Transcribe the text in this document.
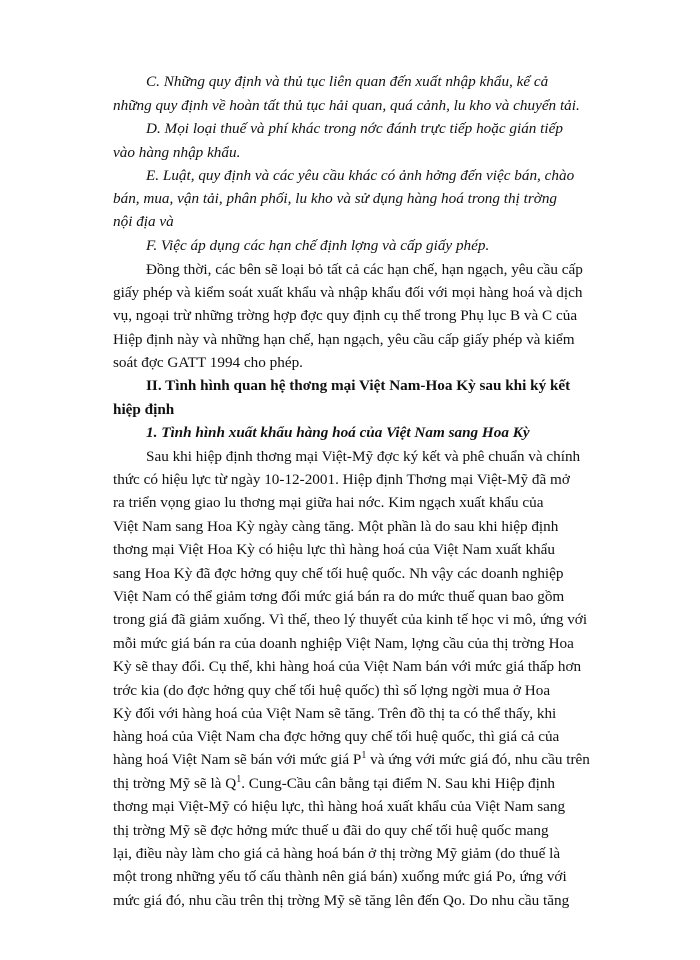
C. Những quy định và thủ tục liên quan đến xuất nhập khẩu, kể cả
những quy định về hoàn tất thủ tục hải quan, quá cảnh, lu kho và chuyển tải.
D. Mọi loại thuế và phí khác trong nớc đánh trực tiếp hoặc gián tiếp
vào hàng nhập khẩu.
E. Luật, quy định và các yêu cầu khác có ảnh hởng đến việc bán, chào
bán, mua, vận tải, phân phối, lu kho và sử dụng hàng hoá trong thị trờng
nội địa và
F. Việc áp dụng các hạn chế định lợng và cấp giấy phép.
Đồng thời, các bên sẽ loại bỏ tất cả các hạn chế, hạn ngạch, yêu cầu cấp
giấy phép và kiểm soát xuất khẩu và nhập khẩu đối với mọi hàng hoá và dịch
vụ, ngoại trừ những trờng hợp đợc quy định cụ thể trong Phụ lục B và C của
Hiệp định này và những hạn chế, hạn ngạch, yêu cầu cấp giấy phép và kiểm
soát đợc GATT 1994 cho phép.
II. Tình hình quan hệ thơng mại Việt Nam-Hoa Kỳ sau khi ký kết
hiệp định
1. Tình hình xuất khẩu hàng hoá của Việt Nam sang Hoa Kỳ
Sau khi hiệp định thơng mại Việt-Mỹ đợc ký kết và phê chuẩn và chính
thức có hiệu lực từ ngày 10-12-2001. Hiệp định Thơng mại Việt-Mỹ đã mở
ra triển vọng giao lu thơng mại giữa hai nớc. Kim ngạch xuất khẩu của
Việt Nam sang Hoa Kỳ ngày càng tăng. Một phần là do sau khi hiệp định
thơng mại Việt Hoa Kỳ có hiệu lực thì hàng hoá của Việt Nam xuất khẩu
sang Hoa Kỳ đã đợc hởng quy chế tối huệ quốc. Nh vậy các doanh nghiệp
Việt Nam có thể giảm tơng đối mức giá bán ra do mức thuế quan bao gồm
trong giá đã giảm xuống. Vì thế, theo lý thuyết của kinh tế học vi mô, ứng với
mỗi mức giá bán ra của doanh nghiệp Việt Nam, lợng cầu của thị trờng Hoa
Kỳ sẽ thay đổi. Cụ thể, khi hàng hoá của Việt Nam bán với mức giá thấp hơn
trớc kia (do đợc hởng quy chế tối huệ quốc) thì số lợng ngời mua ở Hoa
Kỳ đối với hàng hoá của Việt Nam sẽ tăng. Trên đồ thị ta có thể thấy, khi
hàng hoá của Việt Nam cha đợc hởng quy chế tối huệ quốc, thì giá cả của
hàng hoá Việt Nam sẽ bán với mức giá $P^1$ và ứng với mức giá đó, nhu cầu trên
thị trờng Mỹ sẽ là $Q^1$. Cung-Cầu cân bằng tại điểm N. Sau khi Hiệp định
thơng mại Việt-Mỹ có hiệu lực, thì hàng hoá xuất khẩu của Việt Nam sang
thị trờng Mỹ sẽ đợc hởng mức thuế u đãi do quy chế tối huệ quốc mang
lại, điều này làm cho giá cả hàng hoá bán ở thị trờng Mỹ giảm (do thuế là
một trong những yếu tố cấu thành nên giá bán) xuống mức giá Po, ứng với
mức giá đó, nhu cầu trên thị trờng Mỹ sẽ tăng lên đến Qo. Do nhu cầu tăng
